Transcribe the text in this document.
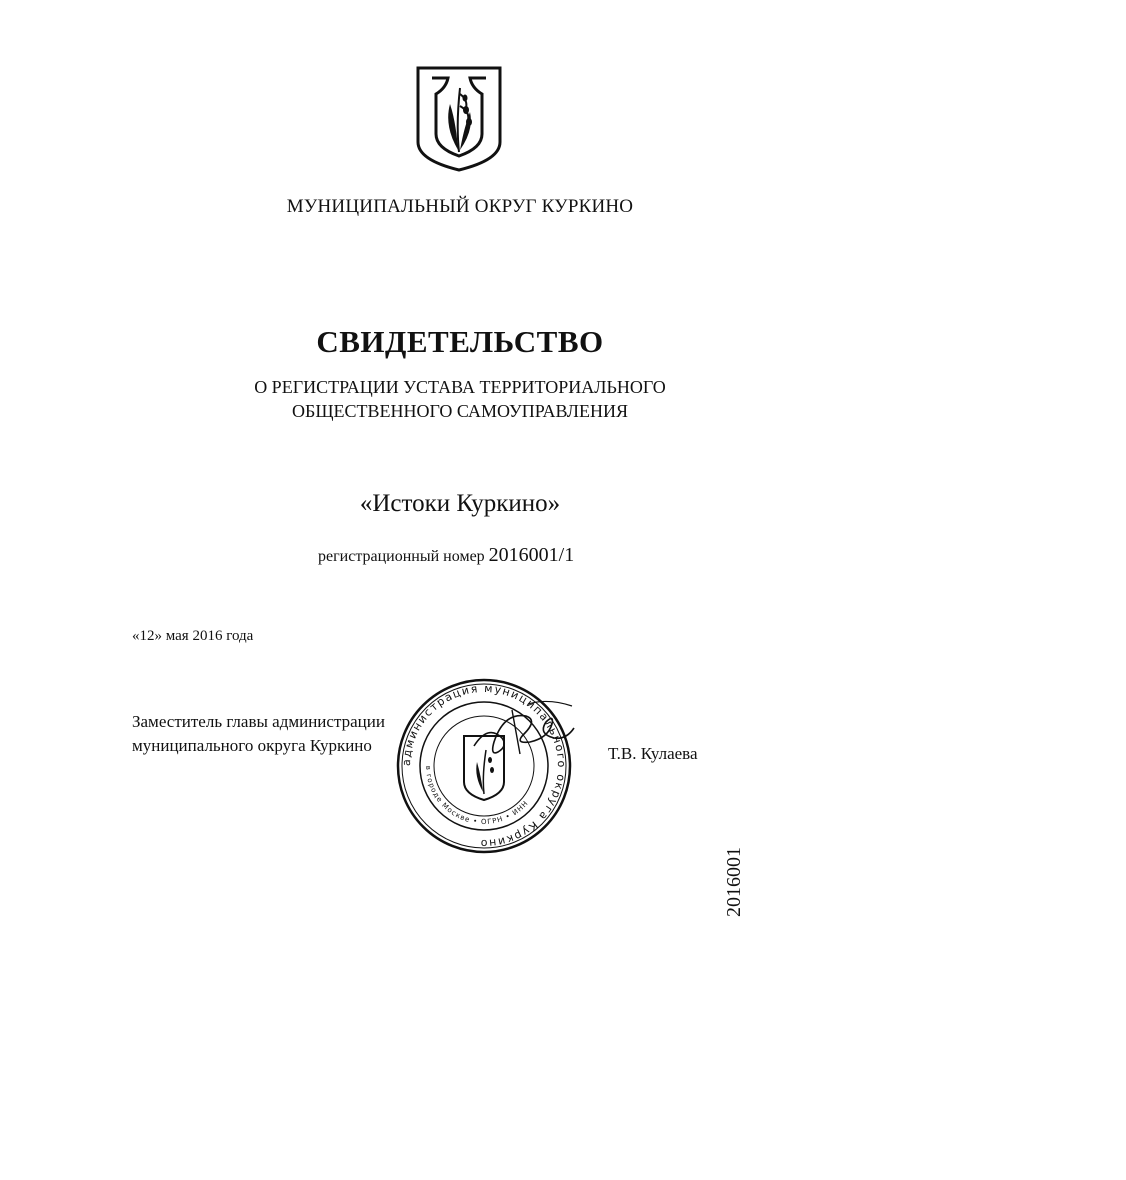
МУНИЦИПАЛЬНЫЙ ОКРУГ КУРКИНО
СВИДЕТЕЛЬСТВО
О РЕГИСТРАЦИИ УСТАВА ТЕРРИТОРИАЛЬНОГО
ОБЩЕСТВЕННОГО САМОУПРАВЛЕНИЯ
«Истоки Куркино»
регистрационный номер 2016001/1
«12» мая 2016 года
Заместитель главы администрации
муниципального округа Куркино	Т.В. Кулаева
администрация муниципального округа Куркино
в городе Москве • ОГРН • ИНН
2016001
